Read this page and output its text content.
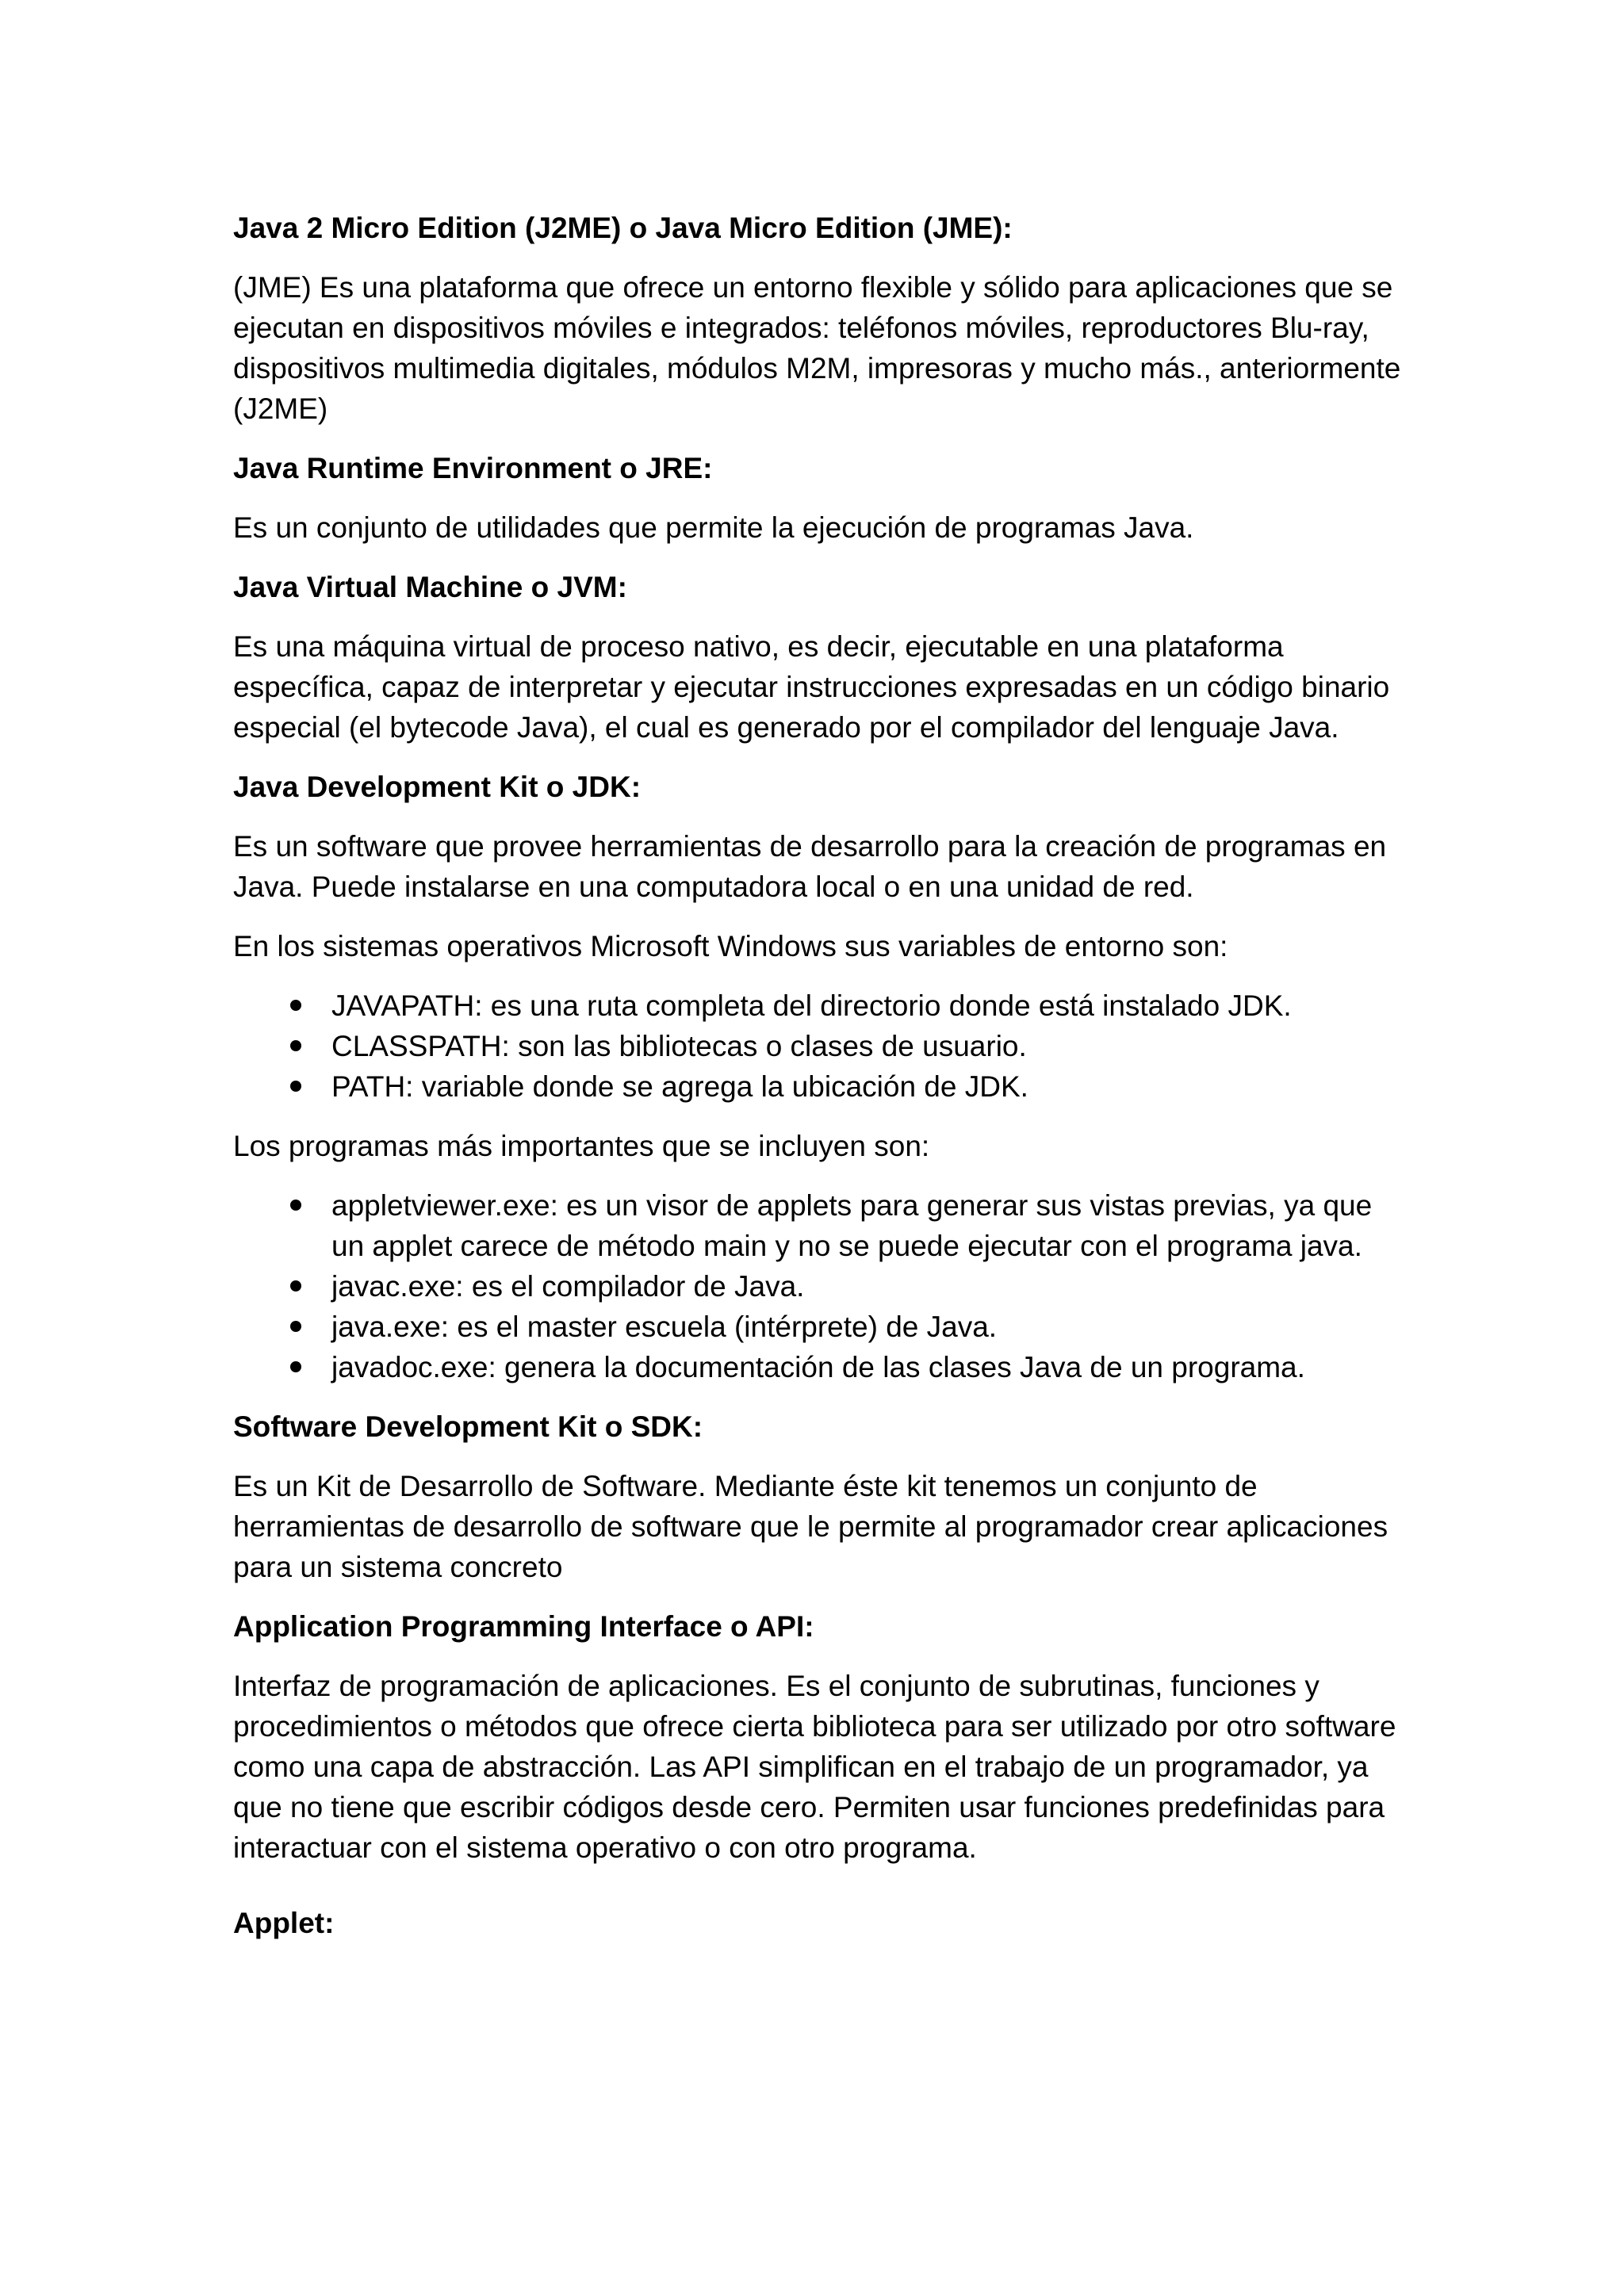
Java 2 Micro Edition (J2ME) o Java Micro Edition (JME):
(JME) Es una plataforma que ofrece un entorno flexible y sólido para aplicaciones que se ejecutan en dispositivos móviles e integrados: teléfonos móviles, reproductores Blu-ray, dispositivos multimedia digitales, módulos M2M, impresoras y mucho más., anteriormente (J2ME)
Java Runtime Environment o JRE:
Es un conjunto de utilidades que permite la ejecución de programas Java.
Java Virtual Machine o JVM:
Es una máquina virtual de proceso nativo, es decir, ejecutable en una plataforma específica, capaz de interpretar y ejecutar instrucciones expresadas en un código binario especial (el bytecode Java), el cual es generado por el compilador del lenguaje Java.
Java Development Kit o JDK:
Es un software que provee herramientas de desarrollo para la creación de programas en Java. Puede instalarse en una computadora local o en una unidad de red.
En los sistemas operativos Microsoft Windows sus variables de entorno son:
JAVAPATH: es una ruta completa del directorio donde está instalado JDK.
CLASSPATH: son las bibliotecas o clases de usuario.
PATH: variable donde se agrega la ubicación de JDK.
Los programas más importantes que se incluyen son:
appletviewer.exe: es un visor de applets para generar sus vistas previas, ya que un applet carece de método main y no se puede ejecutar con el programa java.
javac.exe: es el compilador de Java.
java.exe: es el master escuela (intérprete) de Java.
javadoc.exe: genera la documentación de las clases Java de un programa.
Software Development Kit o SDK:
Es un Kit de Desarrollo de Software. Mediante éste kit tenemos un conjunto de herramientas de desarrollo de software que le permite al programador crear aplicaciones para un sistema concreto
Application Programming Interface o API:
Interfaz de programación de aplicaciones. Es el conjunto de subrutinas, funciones y procedimientos o métodos que ofrece cierta biblioteca para ser utilizado por otro software como una capa de abstracción. Las API simplifican en el trabajo de un programador, ya que no tiene que escribir códigos desde cero. Permiten usar funciones predefinidas para interactuar con el sistema operativo o con otro programa.
Applet:
